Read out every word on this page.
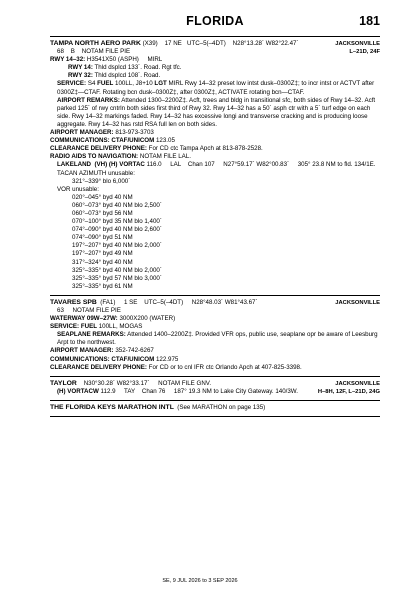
FLORIDA	181
JACKSONVILLE
L–21D, 24F
TAMPA NORTH AERO PARK (X39)    17 NE   UTC–5(–4DT)    N28°13.28´ W82°22.47´
68    B    NOTAM FILE PIE
RWY 14–32: H3541X50 (ASPH)     MIRL
RWY 14: Thld dsplcd 133´. Road. Rgt tfc.
RWY 32: Thld dsplcd 108´. Road.
SERVICE: S4 FUEL 100LL, J8+10 LGT MIRL Rwy 14–32 preset low intst dusk–0300Z‡; to incr intst or ACTVT after 0300Z‡—CTAF. Rotating bcn dusk–0300Z‡, after 0300Z‡, ACTIVATE rotating bcn—CTAF.
AIRPORT REMARKS: Attended 1300–2200Z‡. Acft, trees and bldg in transitional sfc, both sides of Rwy 14–32. Acft parked 125´ of rwy cntrln both sides first third of Rwy 32. Rwy 14–32 has a 50´ asph ctr with a 5´ turf edge on each side. Rwy 14–32 markings faded. Rwy 14–32 has excessive longi and transverse cracking and is producing loose aggregate. Rwy 14–32 has rstd RSA full len on both sides.
AIRPORT MANAGER: 813-973-3703
COMMUNICATIONS: CTAF/UNICOM 123.05
CLEARANCE DELIVERY PHONE: For CD ctc Tampa Apch at 813-878-2528.
RADIO AIDS TO NAVIGATION: NOTAM FILE LAL.
LAKELAND  (VH) (H) VORTAC 116.0     LAL    Chan 107     N27°59.17´ W82°00.83´     305° 23.8 NM to fld. 134/1E.
TACAN AZIMUTH unusable:
321°–339° blo 6,000´
VOR unusable:
020°–045° byd 40 NM
060°–073° byd 40 NM blo 2,500´
060°–073° byd 56 NM
070°–100° byd 35 NM blo 1,400´
074°–090° byd 40 NM blo 2,600´
074°–090° byd 51 NM
197°–207° byd 40 NM blo 2,000´
197°–207° byd 49 NM
317°–324° byd 40 NM
325°–335° byd 40 NM blo 2,000´
325°–335° byd 57 NM blo 3,000´
325°–335° byd 61 NM
JACKSONVILLE
TAVARES SPB  (FA1)     1 SE    UTC–5(–4DT)     N28°48.03´ W81°43.67´
63     NOTAM FILE PIE
WATERWAY 09W–27W: 3000X200 (WATER)
SERVICE: FUEL 100LL, MOGAS
SEAPLANE REMARKS: Attended 1400–2200Z‡. Provided VFR ops, public use, seaplane opr be aware of Leesburg Arpt to the northwest.
AIRPORT MANAGER: 352-742-6267
COMMUNICATIONS: CTAF/UNICOM 122.975
CLEARANCE DELIVERY PHONE: For CD or to cnl IFR ctc Orlando Apch at 407-825-3398.
JACKSONVILLE
H–8H, 12F, L–21D, 24G
TAYLOR    N30°30.28´ W82°33.17´     NOTAM FILE GNV.
(H) VORTACW 112.9     TAY    Chan 76     187° 19.3 NM to Lake City Gateway. 140/3W.
THE FLORIDA KEYS MARATHON INTL  (See MARATHON on page 135)
SE, 9 JUL 2026 to 3 SEP 2026
